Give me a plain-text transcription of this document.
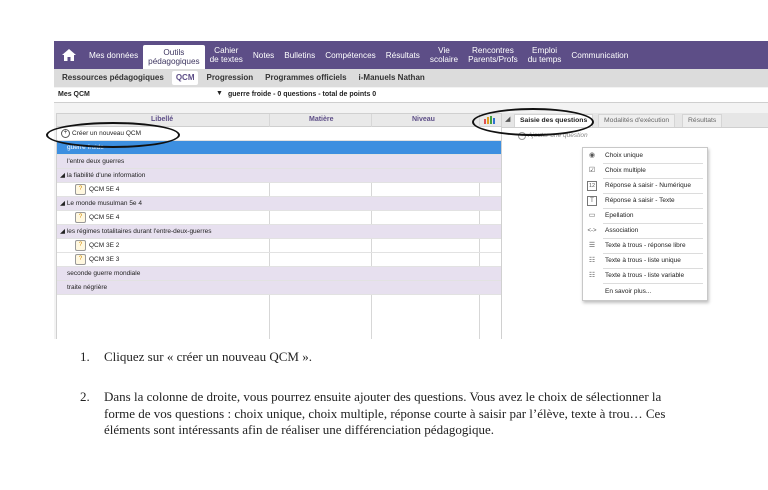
Mes données	Outils
pédagogiques
Cahier
de textes	Notes	Bulletins	Compétences	Résultats	Vie
scolaire
Rencontres
Parents/Profs
Emploi
du temps	Communication
Ressources pédagogiques	QCM	Progression	Programmes officiels	i-Manuels Nathan
Mes QCM	▼ guerre froide - 0 questions - total de points 0
Libellé	Matière	Niveau
+ Créer un nouveau QCM
guerre froide
l'entre deux guerres
◢ la fiabilité d'une information
? QCM 5E 4
◢ Le monde musulman 5e 4
? QCM 5E 4
◢ les régimes totalitaires durant l'entre-deux-guerres
? QCM 3E 2
? QCM 3E 3
seconde guerre mondiale
traite négrière
◢	Saisie des questions	Modalités d'exécution	Résultats
+ Ajouter une question
◉	Choix unique
☑ Choix multiple
12 Réponse à saisir - Numérique
T	Réponse à saisir - Texte
▭ Epellation
<-> Association
☰ Texte à trous - réponse libre
☷ Texte à trous - liste unique
☷ Texte à trous - liste variable
En savoir plus...
1. Cliquez sur « créer un nouveau QCM ».
2. Dans la colonne de droite, vous pourrez ensuite ajouter des questions. Vous avez le choix de sélectionner la forme de vos questions : choix unique, choix multiple, réponse courte à saisir par l’élève, texte à trou… Ces éléments sont intéressants afin de réaliser une différenciation pédagogique.
